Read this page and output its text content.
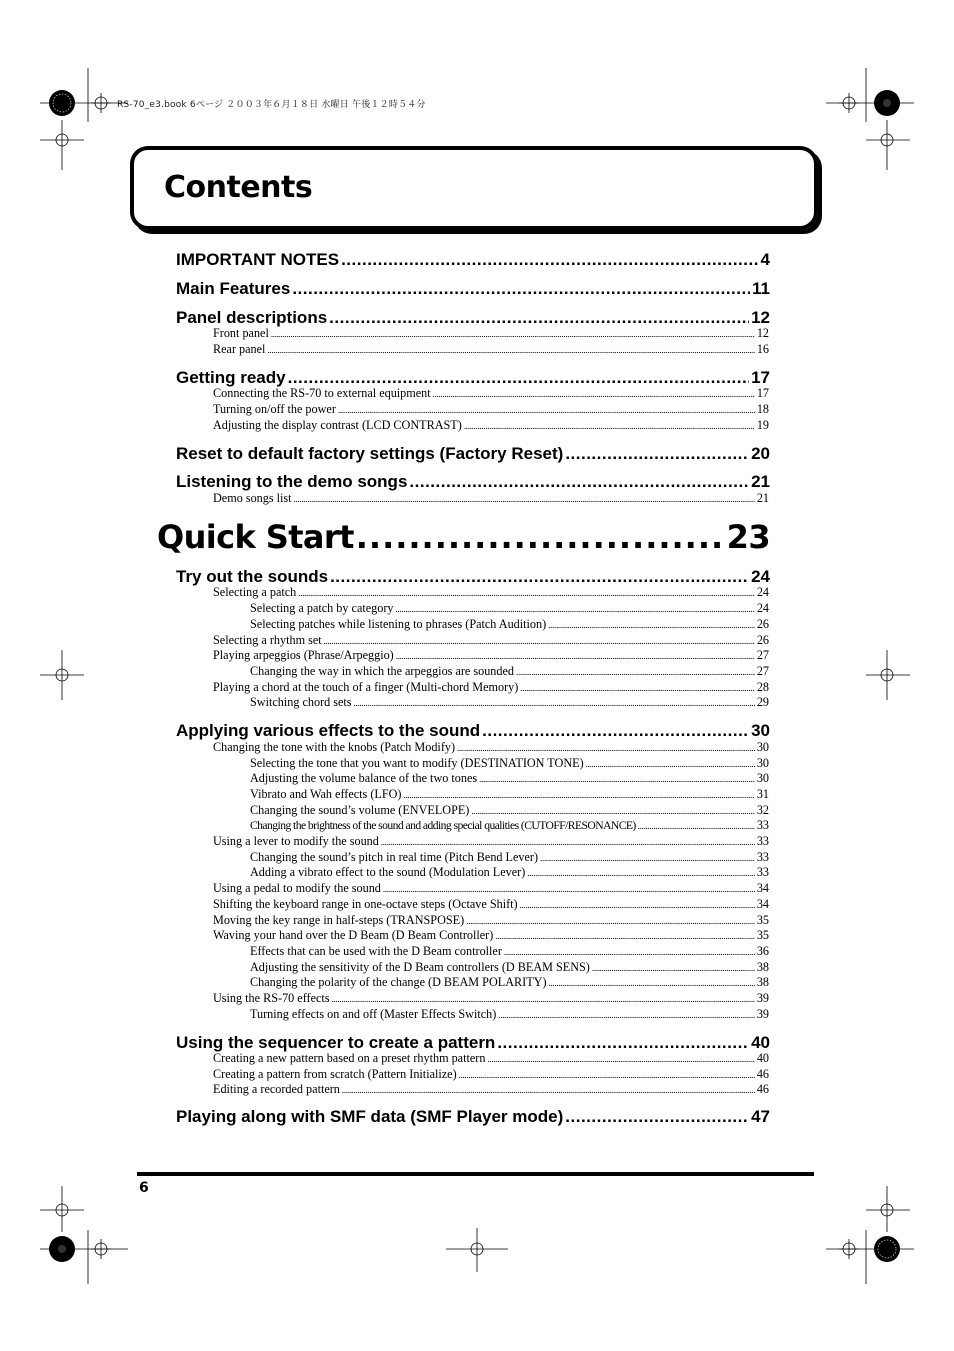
RS-70_e3.book 6ページ ２００３年６月１８日 水曜日 午後１２時５４分
Contents
IMPORTANT NOTES .....	4
Main Features .....	11
Panel descriptions .....	12
Front panel .....	12
Rear panel .....	16
Getting ready .....	17
Connecting the RS-70 to external equipment .....	17
Turning on/off the power .....	18
Adjusting the display contrast (LCD CONTRAST) .....	19
Reset to default factory settings (Factory Reset) .....	20
Listening to the demo songs .....	21
Demo songs list .....	21
Quick Start .....	23
Try out the sounds .....	24
Selecting a patch .....	24
Selecting a patch by category .....	24
Selecting patches while listening to phrases (Patch Audition) .....	26
Selecting a rhythm set .....	26
Playing arpeggios (Phrase/Arpeggio) .....	27
Changing the way in which the arpeggios are sounded .....	27
Playing a chord at the touch of a finger (Multi-chord Memory) .....	28
Switching chord sets .....	29
Applying various effects to the sound .....	30
Changing the tone with the knobs (Patch Modify) .....	30
Selecting the tone that you want to modify (DESTINATION TONE) .....	30
Adjusting the volume balance of the two tones .....	30
Vibrato and Wah effects (LFO) .....	31
Changing the sound’s volume (ENVELOPE) .....	32
Changing the brightness of the sound and adding special qualities (CUTOFF/RESONANCE) .....	33
Using a lever to modify the sound .....	33
Changing the sound’s pitch in real time (Pitch Bend Lever) .....	33
Adding a vibrato effect to the sound (Modulation Lever) .....	33
Using a pedal to modify the sound .....	34
Shifting the keyboard range in one-octave steps (Octave Shift) .....	34
Moving the key range in half-steps (TRANSPOSE) .....	35
Waving your hand over the D Beam (D Beam Controller) .....	35
Effects that can be used with the D Beam controller .....	36
Adjusting the sensitivity of the D Beam controllers (D BEAM SENS) .....	38
Changing the polarity of the change (D BEAM POLARITY) .....	38
Using the RS-70 effects .....	39
Turning effects on and off (Master Effects Switch) .....	39
Using the sequencer to create a pattern .....	40
Creating a new pattern based on a preset rhythm pattern .....	40
Creating a pattern from scratch (Pattern Initialize) .....	46
Editing a recorded pattern .....	46
Playing along with SMF data (SMF Player mode) .....	47
6
